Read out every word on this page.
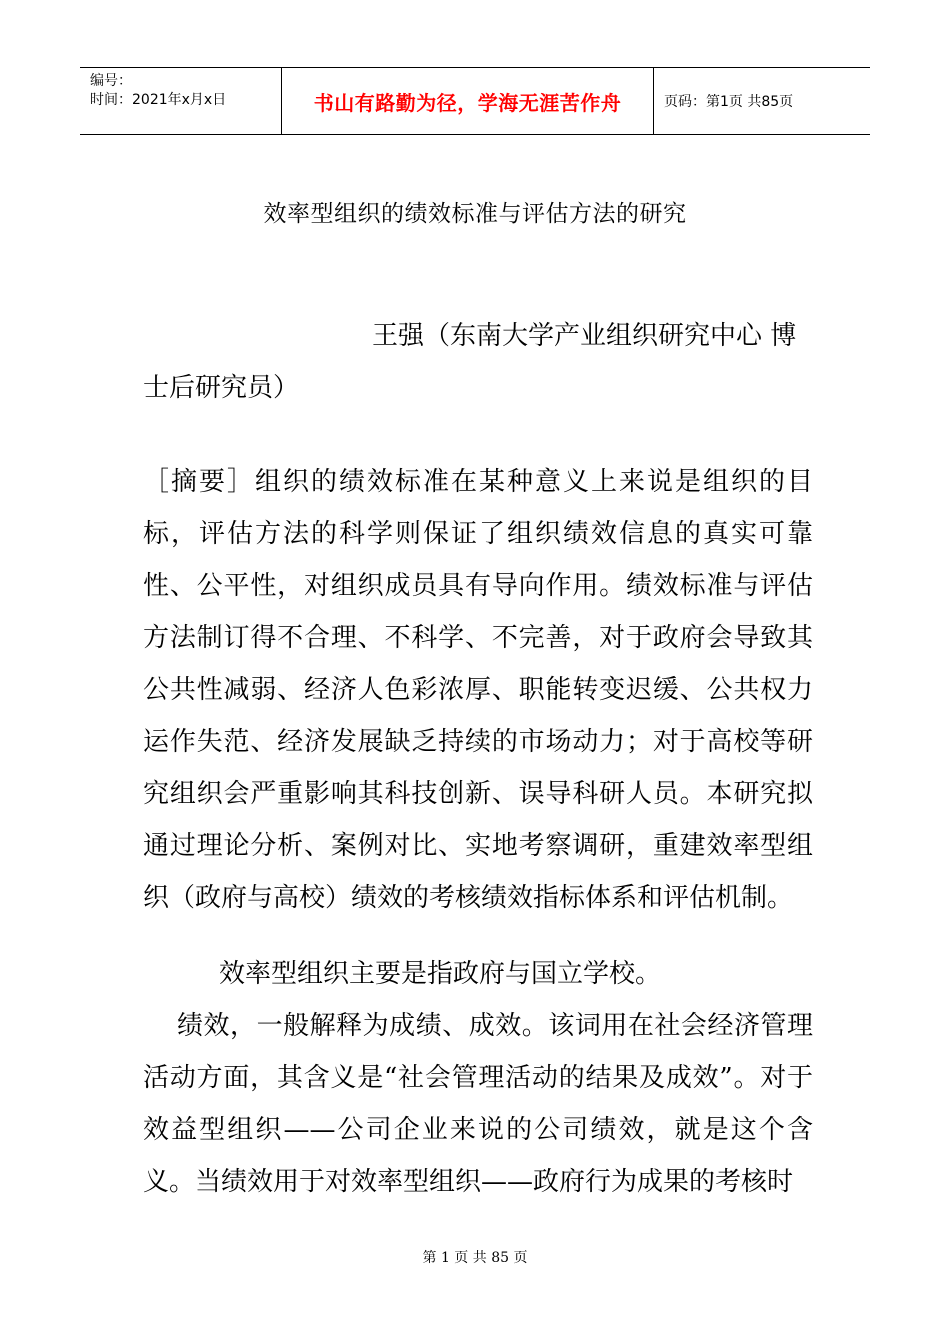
编号：
时间：2021年x月x日	书山有路勤为径，学海无涯苦作舟	页码：第1页 共85页
效率型组织的绩效标准与评估方法的研究
王强（东南大学产业组织研究中心 博士后研究员）
［摘要］组织的绩效标准在某种意义上来说是组织的目标，评估方法的科学则保证了组织绩效信息的真实可靠性、公平性，对组织成员具有导向作用。绩效标准与评估方法制订得不合理、不科学、不完善，对于政府会导致其公共性减弱、经济人色彩浓厚、职能转变迟缓、公共权力运作失范、经济发展缺乏持续的市场动力；对于高校等研究组织会严重影响其科技创新、误导科研人员。本研究拟通过理论分析、案例对比、实地考察调研，重建效率型组织（政府与高校）绩效的考核绩效指标体系和评估机制。
效率型组织主要是指政府与国立学校。
绩效，一般解释为成绩、成效。该词用在社会经济管理活动方面，其含义是“社会管理活动的结果及成效”。对于效益型组织——公司企业来说的公司绩效，就是这个含义。当绩效用于对效率型组织——政府行为成果的考核时
第 1 页 共 85 页
